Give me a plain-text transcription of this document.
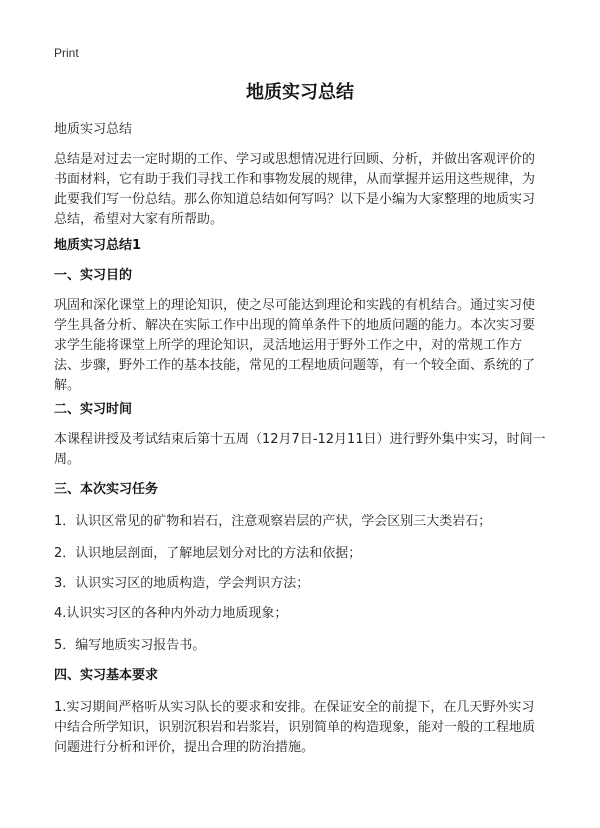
Print
地质实习总结
地质实习总结
总结是对过去一定时期的工作、学习或思想情况进行回顾、分析，并做出客观评价的书面材料，它有助于我们寻找工作和事物发展的规律，从而掌握并运用这些规律，为此要我们写一份总结。那么你知道总结如何写吗？以下是小编为大家整理的地质实习总结，希望对大家有所帮助。
地质实习总结1
一、实习目的
巩固和深化课堂上的理论知识，使之尽可能达到理论和实践的有机结合。通过实习使学生具备分析、解决在实际工作中出现的简单条件下的地质问题的能力。本次实习要求学生能将课堂上所学的理论知识，灵活地运用于野外工作之中，对的常规工作方法、步骤，野外工作的基本技能，常见的工程地质问题等，有一个较全面、系统的了解。
二、实习时间
本课程讲授及考试结束后第十五周（12月7日-12月11日）进行野外集中实习，时间一周。
三、本次实习任务
1．认识区常见的矿物和岩石，注意观察岩层的产状，学会区别三大类岩石；
2．认识地层剖面，了解地层划分对比的方法和依据；
3．认识实习区的地质构造，学会判识方法；
4.认识实习区的各种内外动力地质现象；
5．编写地质实习报告书。
四、实习基本要求
1.实习期间严格听从实习队长的要求和安排。在保证安全的前提下，在几天野外实习中结合所学知识，识别沉积岩和岩浆岩，识别简单的构造现象，能对一般的工程地质问题进行分析和评价，提出合理的防治措施。
